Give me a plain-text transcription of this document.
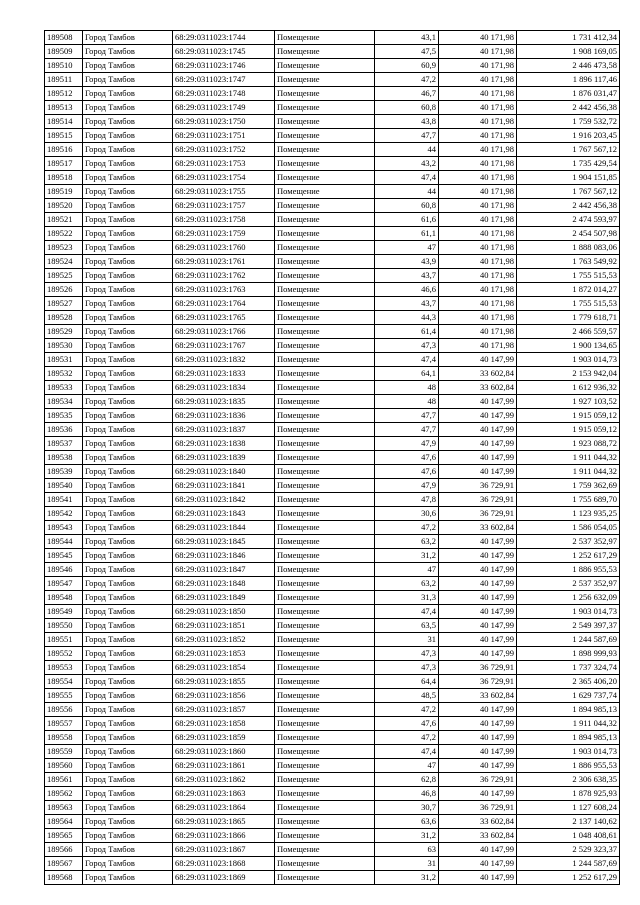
189508	Город Тамбов	68:29:0311023:1744	Помещение	43,1	40 171,98	1 731 412,34
189509	Город Тамбов	68:29:0311023:1745	Помещение	47,5	40 171,98	1 908 169,05
189510	Город Тамбов	68:29:0311023:1746	Помещение	60,9	40 171,98	2 446 473,58
189511	Город Тамбов	68:29:0311023:1747	Помещение	47,2	40 171,98	1 896 117,46
189512	Город Тамбов	68:29:0311023:1748	Помещение	46,7	40 171,98	1 876 031,47
189513	Город Тамбов	68:29:0311023:1749	Помещение	60,8	40 171,98	2 442 456,38
189514	Город Тамбов	68:29:0311023:1750	Помещение	43,8	40 171,98	1 759 532,72
189515	Город Тамбов	68:29:0311023:1751	Помещение	47,7	40 171,98	1 916 203,45
189516	Город Тамбов	68:29:0311023:1752	Помещение	44	40 171,98	1 767 567,12
189517	Город Тамбов	68:29:0311023:1753	Помещение	43,2	40 171,98	1 735 429,54
189518	Город Тамбов	68:29:0311023:1754	Помещение	47,4	40 171,98	1 904 151,85
189519	Город Тамбов	68:29:0311023:1755	Помещение	44	40 171,98	1 767 567,12
189520	Город Тамбов	68:29:0311023:1757	Помещение	60,8	40 171,98	2 442 456,38
189521	Город Тамбов	68:29:0311023:1758	Помещение	61,6	40 171,98	2 474 593,97
189522	Город Тамбов	68:29:0311023:1759	Помещение	61,1	40 171,98	2 454 507,98
189523	Город Тамбов	68:29:0311023:1760	Помещение	47	40 171,98	1 888 083,06
189524	Город Тамбов	68:29:0311023:1761	Помещение	43,9	40 171,98	1 763 549,92
189525	Город Тамбов	68:29:0311023:1762	Помещение	43,7	40 171,98	1 755 515,53
189526	Город Тамбов	68:29:0311023:1763	Помещение	46,6	40 171,98	1 872 014,27
189527	Город Тамбов	68:29:0311023:1764	Помещение	43,7	40 171,98	1 755 515,53
189528	Город Тамбов	68:29:0311023:1765	Помещение	44,3	40 171,98	1 779 618,71
189529	Город Тамбов	68:29:0311023:1766	Помещение	61,4	40 171,98	2 466 559,57
189530	Город Тамбов	68:29:0311023:1767	Помещение	47,3	40 171,98	1 900 134,65
189531	Город Тамбов	68:29:0311023:1832	Помещение	47,4	40 147,99	1 903 014,73
189532	Город Тамбов	68:29:0311023:1833	Помещение	64,1	33 602,84	2 153 942,04
189533	Город Тамбов	68:29:0311023:1834	Помещение	48	33 602,84	1 612 936,32
189534	Город Тамбов	68:29:0311023:1835	Помещение	48	40 147,99	1 927 103,52
189535	Город Тамбов	68:29:0311023:1836	Помещение	47,7	40 147,99	1 915 059,12
189536	Город Тамбов	68:29:0311023:1837	Помещение	47,7	40 147,99	1 915 059,12
189537	Город Тамбов	68:29:0311023:1838	Помещение	47,9	40 147,99	1 923 088,72
189538	Город Тамбов	68:29:0311023:1839	Помещение	47,6	40 147,99	1 911 044,32
189539	Город Тамбов	68:29:0311023:1840	Помещение	47,6	40 147,99	1 911 044,32
189540	Город Тамбов	68:29:0311023:1841	Помещение	47,9	36 729,91	1 759 362,69
189541	Город Тамбов	68:29:0311023:1842	Помещение	47,8	36 729,91	1 755 689,70
189542	Город Тамбов	68:29:0311023:1843	Помещение	30,6	36 729,91	1 123 935,25
189543	Город Тамбов	68:29:0311023:1844	Помещение	47,2	33 602,84	1 586 054,05
189544	Город Тамбов	68:29:0311023:1845	Помещение	63,2	40 147,99	2 537 352,97
189545	Город Тамбов	68:29:0311023:1846	Помещение	31,2	40 147,99	1 252 617,29
189546	Город Тамбов	68:29:0311023:1847	Помещение	47	40 147,99	1 886 955,53
189547	Город Тамбов	68:29:0311023:1848	Помещение	63,2	40 147,99	2 537 352,97
189548	Город Тамбов	68:29:0311023:1849	Помещение	31,3	40 147,99	1 256 632,09
189549	Город Тамбов	68:29:0311023:1850	Помещение	47,4	40 147,99	1 903 014,73
189550	Город Тамбов	68:29:0311023:1851	Помещение	63,5	40 147,99	2 549 397,37
189551	Город Тамбов	68:29:0311023:1852	Помещение	31	40 147,99	1 244 587,69
189552	Город Тамбов	68:29:0311023:1853	Помещение	47,3	40 147,99	1 898 999,93
189553	Город Тамбов	68:29:0311023:1854	Помещение	47,3	36 729,91	1 737 324,74
189554	Город Тамбов	68:29:0311023:1855	Помещение	64,4	36 729,91	2 365 406,20
189555	Город Тамбов	68:29:0311023:1856	Помещение	48,5	33 602,84	1 629 737,74
189556	Город Тамбов	68:29:0311023:1857	Помещение	47,2	40 147,99	1 894 985,13
189557	Город Тамбов	68:29:0311023:1858	Помещение	47,6	40 147,99	1 911 044,32
189558	Город Тамбов	68:29:0311023:1859	Помещение	47,2	40 147,99	1 894 985,13
189559	Город Тамбов	68:29:0311023:1860	Помещение	47,4	40 147,99	1 903 014,73
189560	Город Тамбов	68:29:0311023:1861	Помещение	47	40 147,99	1 886 955,53
189561	Город Тамбов	68:29:0311023:1862	Помещение	62,8	36 729,91	2 306 638,35
189562	Город Тамбов	68:29:0311023:1863	Помещение	46,8	40 147,99	1 878 925,93
189563	Город Тамбов	68:29:0311023:1864	Помещение	30,7	36 729,91	1 127 608,24
189564	Город Тамбов	68:29:0311023:1865	Помещение	63,6	33 602,84	2 137 140,62
189565	Город Тамбов	68:29:0311023:1866	Помещение	31,2	33 602,84	1 048 408,61
189566	Город Тамбов	68:29:0311023:1867	Помещение	63	40 147,99	2 529 323,37
189567	Город Тамбов	68:29:0311023:1868	Помещение	31	40 147,99	1 244 587,69
189568	Город Тамбов	68:29:0311023:1869	Помещение	31,2	40 147,99	1 252 617,29
